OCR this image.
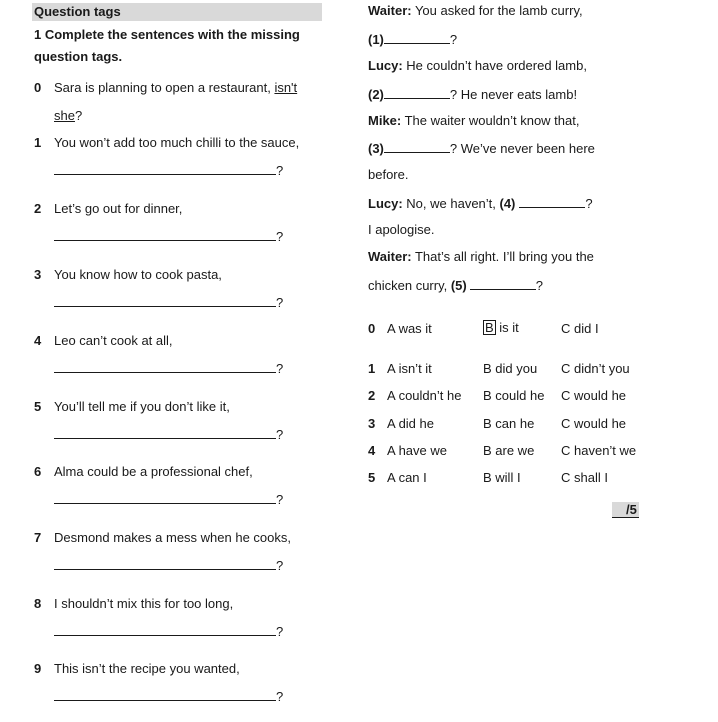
Question tags
1 Complete the sentences with the missing
question tags.
0 Sara is planning to open a restaurant, isn't
she?
1 You won’t add too much chilli to the sauce,
?
2 Let’s go out for dinner,
?
3 You know how to cook pasta,
?
4 Leo can’t cook at all,
?
5 You’ll tell me if you don’t like it,
?
6 Alma could be a professional chef,
?
7 Desmond makes a mess when he cooks,
?
8 I shouldn’t mix this for too long,
?
9 This isn’t the recipe you wanted,
?
Waiter: You asked for the lamb curry,
(1)	?
Lucy: He couldn’t have ordered lamb,
(2)	? He never eats lamb!
Mike: The waiter wouldn’t know that,
(3)	? We’ve never been here
before.
Lucy: No, we haven’t, (4)	?
I apologise.
Waiter: That’s all right. I’ll bring you the
chicken curry, (5)	?
0 A was it	B is it	C did I
1 A isn’t it	B did you C didn’t you
2 A couldn’t he B could he C would he
3 A did he	B can he C would he
4 A have we	B are we C haven’t we
5 A can I	B will I	C shall I
/5
